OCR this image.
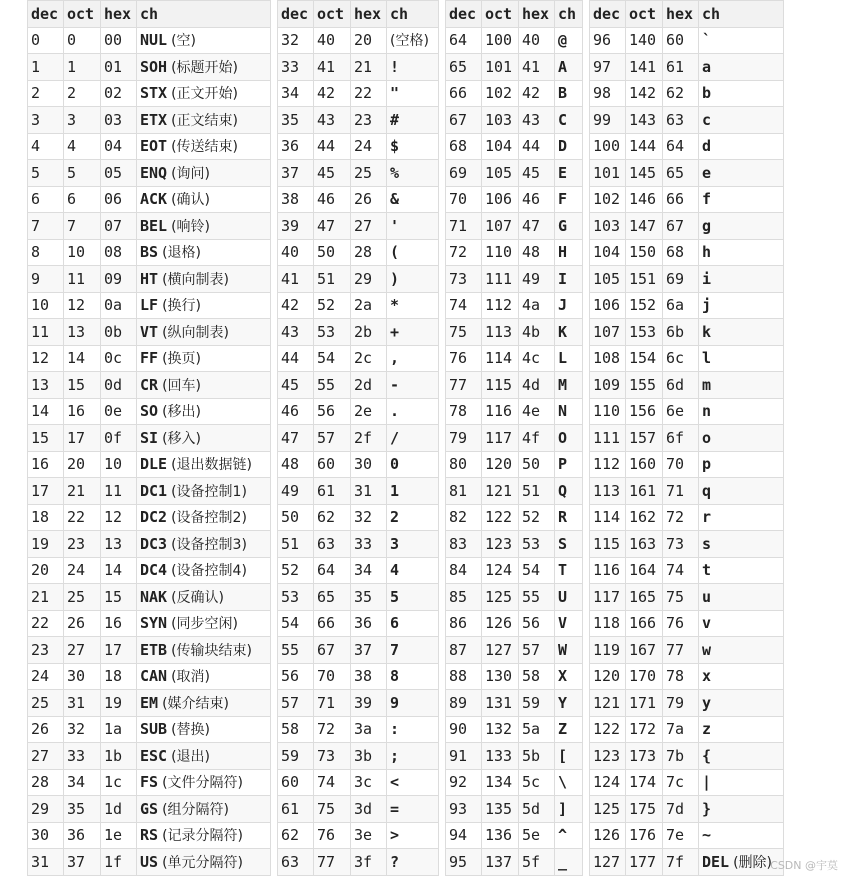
dec	oct	hex	ch
0	0	00	NUL (空)
1	1	01	SOH (标题开始)
2	2	02	STX (正文开始)
3	3	03	ETX (正文结束)
4	4	04	EOT (传送结束)
5	5	05	ENQ (询问)
6	6	06	ACK (确认)
7	7	07	BEL (响铃)
8	10	08	BS (退格)
9	11	09	HT (横向制表)
10	12	0a	LF (换行)
11	13	0b	VT (纵向制表)
12	14	0c	FF (换页)
13	15	0d	CR (回车)
14	16	0e	SO (移出)
15	17	0f	SI (移入)
16	20	10	DLE (退出数据链)
17	21	11	DC1 (设备控制1)
18	22	12	DC2 (设备控制2)
19	23	13	DC3 (设备控制3)
20	24	14	DC4 (设备控制4)
21	25	15	NAK (反确认)
22	26	16	SYN (同步空闲)
23	27	17	ETB (传输块结束)
24	30	18	CAN (取消)
25	31	19	EM (媒介结束)
26	32	1a	SUB (替换)
27	33	1b	ESC (退出)
28	34	1c	FS (文件分隔符)
29	35	1d	GS (组分隔符)
30	36	1e	RS (记录分隔符)
31	37	1f	US (单元分隔符)
dec	oct	hex	ch
32	40	20	(空格)
33	41	21	!
34	42	22	"
35	43	23	#
36	44	24	$
37	45	25	%
38	46	26	&
39	47	27	'
40	50	28	(
41	51	29	)
42	52	2a	*
43	53	2b	+
44	54	2c	,
45	55	2d	-
46	56	2e	.
47	57	2f	/
48	60	30	0
49	61	31	1
50	62	32	2
51	63	33	3
52	64	34	4
53	65	35	5
54	66	36	6
55	67	37	7
56	70	38	8
57	71	39	9
58	72	3a	:
59	73	3b	;
60	74	3c	<
61	75	3d	=
62	76	3e	>
63	77	3f	?
dec	oct	hex	ch
64	100	40	@
65	101	41	A
66	102	42	B
67	103	43	C
68	104	44	D
69	105	45	E
70	106	46	F
71	107	47	G
72	110	48	H
73	111	49	I
74	112	4a	J
75	113	4b	K
76	114	4c	L
77	115	4d	M
78	116	4e	N
79	117	4f	O
80	120	50	P
81	121	51	Q
82	122	52	R
83	123	53	S
84	124	54	T
85	125	55	U
86	126	56	V
87	127	57	W
88	130	58	X
89	131	59	Y
90	132	5a	Z
91	133	5b	[
92	134	5c	\
93	135	5d	]
94	136	5e	^
95	137	5f	_
dec	oct	hex	ch
96	140	60	`
97	141	61	a
98	142	62	b
99	143	63	c
100	144	64	d
101	145	65	e
102	146	66	f
103	147	67	g
104	150	68	h
105	151	69	i
106	152	6a	j
107	153	6b	k
108	154	6c	l
109	155	6d	m
110	156	6e	n
111	157	6f	o
112	160	70	p
113	161	71	q
114	162	72	r
115	163	73	s
116	164	74	t
117	165	75	u
118	166	76	v
119	167	77	w
120	170	78	x
121	171	79	y
122	172	7a	z
123	173	7b	{
124	174	7c	|
125	175	7d	}
126	176	7e	~
127	177	7f	DEL (删除)
CSDN @宇莫
